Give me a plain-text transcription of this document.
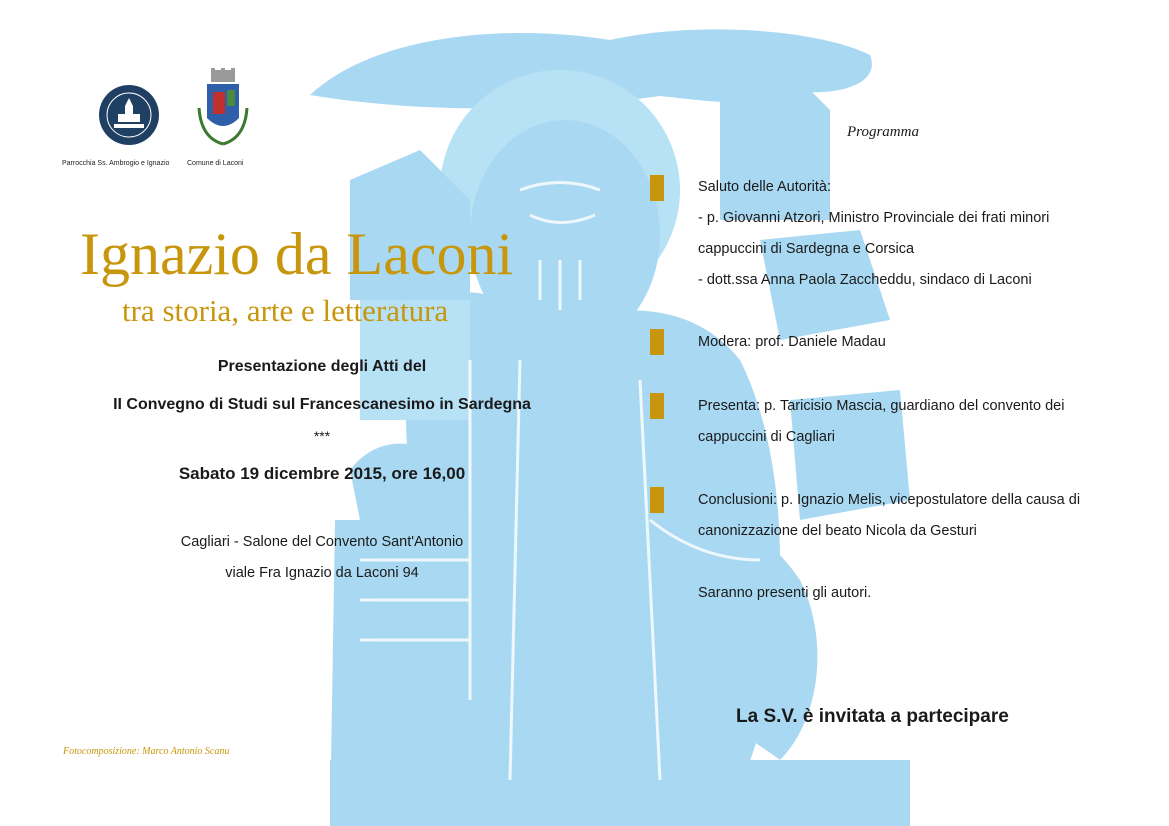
Parrocchia Ss. Ambrogio e Ignazio	Comune di Laconi
Ignazio da Laconi
tra storia, arte e letteratura
Presentazione degli Atti del
II Convegno di Studi sul Francescanesimo in Sardegna
***
Sabato 19 dicembre 2015, ore 16,00
Cagliari - Salone del Convento Sant'Antonio
viale Fra Ignazio da Laconi 94
Programma
Saluto delle Autorità:
- p. Giovanni Atzori, Ministro Provinciale dei frati minori
cappuccini di Sardegna e Corsica
- dott.ssa Anna Paola Zaccheddu, sindaco di Laconi
Modera: prof. Daniele Madau
Presenta: p. Taricisio Mascia, guardiano del convento dei
cappuccini di Cagliari
Conclusioni: p. Ignazio Melis, vicepostulatore della causa di
canonizzazione del beato Nicola da Gesturi
Saranno presenti gli autori.
La S.V. è invitata a partecipare
Fotocomposizione: Marco Antonio Scanu
